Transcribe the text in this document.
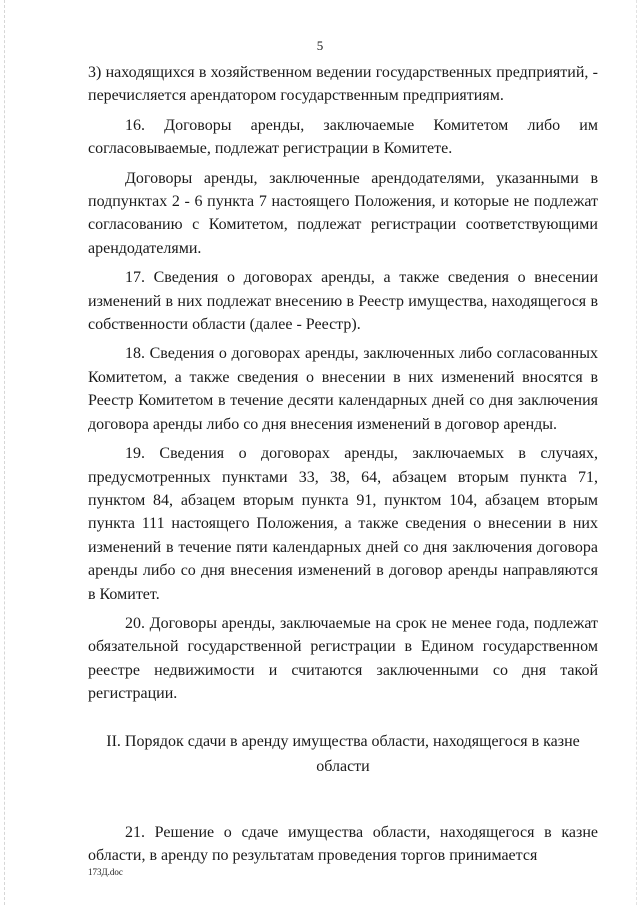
5

3) находящихся в хозяйственном ведении государственных предприятий, - перечисляется арендатором государственным предприятиям.

16. Договоры аренды, заключаемые Комитетом либо им согласовываемые, подлежат регистрации в Комитете.

Договоры аренды, заключенные арендодателями, указанными в подпунктах 2 - 6 пункта 7 настоящего Положения, и которые не подлежат согласованию с Комитетом, подлежат регистрации соответствующими арендодателями.

17. Сведения о договорах аренды, а также сведения о внесении изменений в них подлежат внесению в Реестр имущества, находящегося в собственности области (далее - Реестр).

18. Сведения о договорах аренды, заключенных либо согласованных Комитетом, а также сведения о внесении в них изменений вносятся в Реестр Комитетом в течение десяти календарных дней со дня заключения договора аренды либо со дня внесения изменений в договор аренды.

19. Сведения о договорах аренды, заключаемых в случаях, предусмотренных пунктами 33, 38, 64, абзацем вторым пункта 71, пунктом 84, абзацем вторым пункта 91, пунктом 104, абзацем вторым пункта 111 настоящего Положения, а также сведения о внесении в них изменений в течение пяти календарных дней со дня заключения договора аренды либо со дня внесения изменений в договор аренды направляются в Комитет.

20. Договоры аренды, заключаемые на срок не менее года, подлежат обязательной государственной регистрации в Едином государственном реестре недвижимости и считаются заключенными со дня такой регистрации.

II. Порядок сдачи в аренду имущества области, находящегося в казне
области

21. Решение о сдаче имущества области, находящегося в казне области, в аренду по результатам проведения торгов принимается

173Д.doc
